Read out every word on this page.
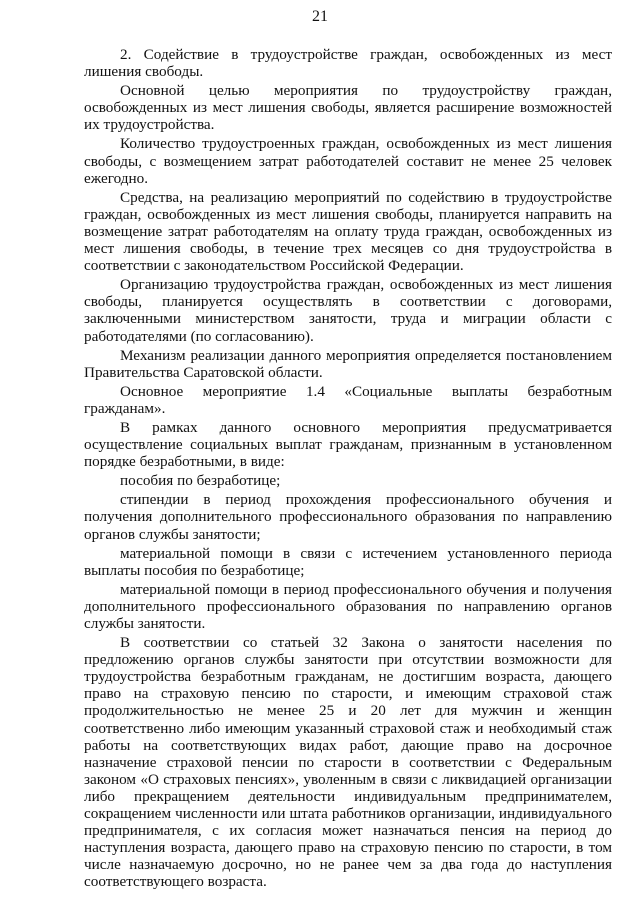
21

2. Содействие в трудоустройстве граждан, освобожденных из мест лишения свободы.

Основной целью мероприятия по трудоустройству граждан, освобожденных из мест лишения свободы, является расширение возможностей их трудоустройства.

Количество трудоустроенных граждан, освобожденных из мест лишения свободы, с возмещением затрат работодателей составит не менее 25 человек ежегодно.

Средства, на реализацию мероприятий по содействию в трудоустройстве граждан, освобожденных из мест лишения свободы, планируется направить на возмещение затрат работодателям на оплату труда граждан, освобожденных из мест лишения свободы, в течение трех месяцев со дня трудоустройства в соответствии с законодательством Российской Федерации.

Организацию трудоустройства граждан, освобожденных из мест лишения свободы, планируется осуществлять в соответствии с договорами, заключенными министерством занятости, труда и миграции области с работодателями (по согласованию).

Механизм реализации данного мероприятия определяется постановлением Правительства Саратовской области.

Основное мероприятие 1.4 «Социальные выплаты безработным гражданам».

В рамках данного основного мероприятия предусматривается осуществление социальных выплат гражданам, признанным в установленном порядке безработными, в виде:

пособия по безработице;

стипендии в период прохождения профессионального обучения и получения дополнительного профессионального образования по направлению органов службы занятости;

материальной помощи в связи с истечением установленного периода выплаты пособия по безработице;

материальной помощи в период профессионального обучения и получения дополнительного профессионального образования по направлению органов службы занятости.

В соответствии со статьей 32 Закона о занятости населения по предложению органов службы занятости при отсутствии возможности для трудоустройства безработным гражданам, не достигшим возраста, дающего право на страховую пенсию по старости, и имеющим страховой стаж продолжительностью не менее 25 и 20 лет для мужчин и женщин соответственно либо имеющим указанный страховой стаж и необходимый стаж работы на соответствующих видах работ, дающие право на досрочное назначение страховой пенсии по старости в соответствии с Федеральным законом «О страховых пенсиях», уволенным в связи с ликвидацией организации либо прекращением деятельности индивидуальным предпринимателем, сокращением численности или штата работников организации, индивидуального предпринимателя, с их согласия может назначаться пенсия на период до наступления возраста, дающего право на страховую пенсию по старости, в том числе назначаемую досрочно, но не ранее чем за два года до наступления соответствующего возраста.
